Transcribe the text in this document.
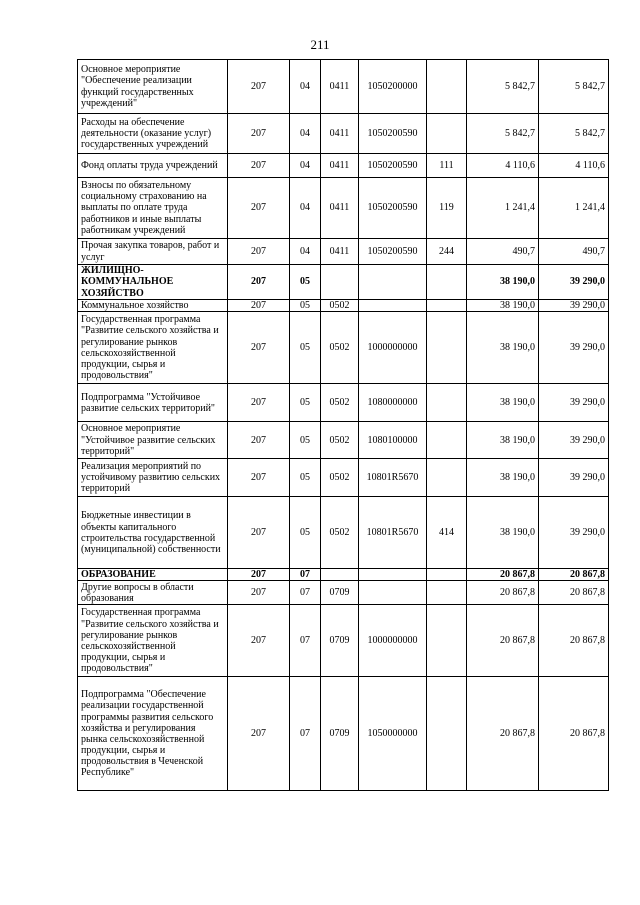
211
Основное мероприятие "Обеспечение реализации функций государственных учреждений"	207	04	0411	1050200000		5 842,7	5 842,7
Расходы на обеспечение деятельности (оказание услуг) государственных учреждений	207	04	0411	1050200590		5 842,7	5 842,7
Фонд оплаты труда учреждений	207	04	0411	1050200590	111	4 110,6	4 110,6
Взносы по обязательному социальному страхованию на выплаты по оплате труда работников и иные выплаты работникам учреждений	207	04	0411	1050200590	119	1 241,4	1 241,4
Прочая закупка товаров, работ и услуг	207	04	0411	1050200590	244	490,7	490,7
ЖИЛИЩНО-КОММУНАЛЬНОЕ ХОЗЯЙСТВО	207	05				38 190,0	39 290,0
Коммунальное хозяйство	207	05	0502			38 190,0	39 290,0
Государственная программа "Развитие сельского хозяйства и регулирование рынков сельскохозяйственной продукции, сырья и продовольствия"	207	05	0502	1000000000		38 190,0	39 290,0
Подпрограмма "Устойчивое развитие сельских территорий"	207	05	0502	1080000000		38 190,0	39 290,0
Основное мероприятие "Устойчивое развитие сельских территорий"	207	05	0502	1080100000		38 190,0	39 290,0
Реализация мероприятий по устойчивому развитию сельских территорий	207	05	0502	10801R5670		38 190,0	39 290,0
Бюджетные инвестиции в объекты капитального строительства государственной (муниципальной) собственности	207	05	0502	10801R5670	414	38 190,0	39 290,0
ОБРАЗОВАНИЕ	207	07				20 867,8	20 867,8
Другие вопросы в области образования	207	07	0709			20 867,8	20 867,8
Государственная программа "Развитие сельского хозяйства и регулирование рынков сельскохозяйственной продукции, сырья и продовольствия"	207	07	0709	1000000000		20 867,8	20 867,8
Подпрограмма "Обеспечение реализации государственной программы развития сельского хозяйства и регулирования рынка сельскохозяйственной продукции, сырья и продовольствия в Чеченской Республике"	207	07	0709	1050000000		20 867,8	20 867,8
